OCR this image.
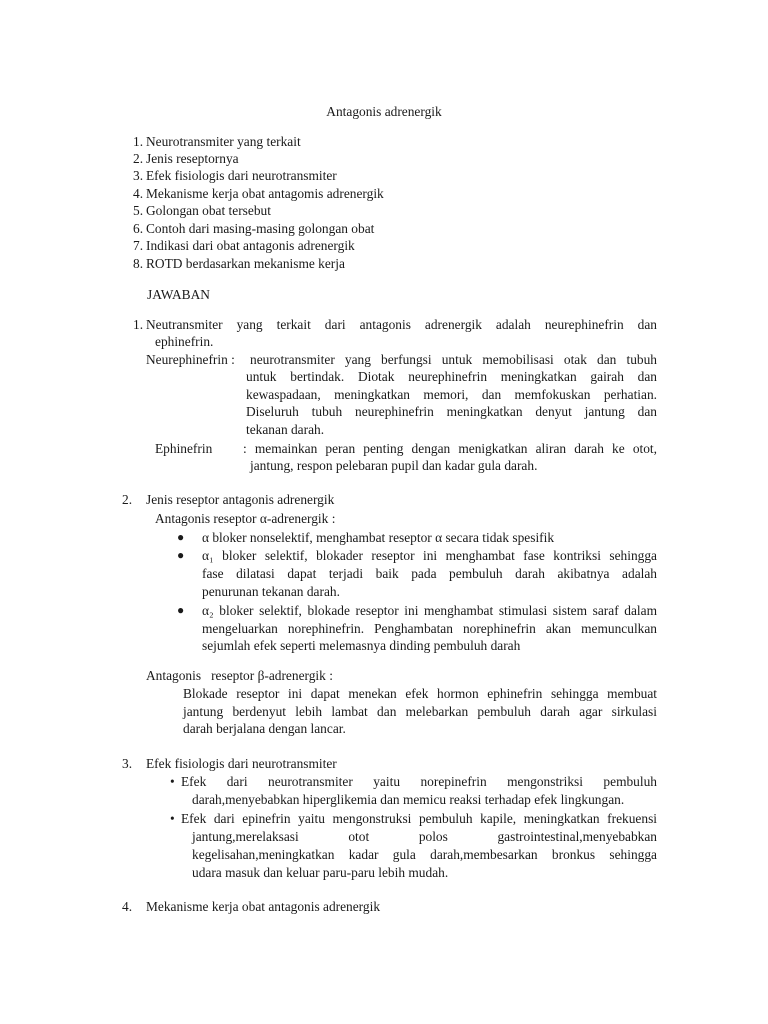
Antagonis adrenergik
1. Neurotransmiter yang terkait
2. Jenis reseptornya
3. Efek fisiologis dari neurotransmiter
4. Mekanisme kerja obat antagomis adrenergik
5. Golongan obat tersebut
6. Contoh dari masing-masing golongan obat
7. Indikasi dari obat antagonis adrenergik
8. ROTD berdasarkan mekanisme kerja
JAWABAN
1. Neutransmiter yang terkait dari antagonis adrenergik adalah neurephinefrin dan
ephinefrin.
Neurephinefrin : neurotransmiter yang berfungsi untuk memobilisasi otak dan tubuh
untuk bertindak. Diotak neurephinefrin meningkatkan gairah dan
kewaspadaan, meningkatkan memori, dan memfokuskan perhatian.
Diseluruh tubuh neurephinefrin meningkatkan denyut jantung dan
tekanan darah.
Ephinefrin : memainkan peran penting dengan menigkatkan aliran darah ke otot,
jantung, respon pelebaran pupil dan kadar gula darah.
2. Jenis reseptor antagonis adrenergik
Antagonis reseptor α-adrenergik :
● α bloker nonselektif, menghambat reseptor α secara tidak spesifik
● α₁ bloker selektif, blokader reseptor ini menghambat fase kontriksi sehingga
fase dilatasi dapat terjadi baik pada pembuluh darah akibatnya adalah
penurunan tekanan darah.
● α₂ bloker selektif, blokade reseptor ini menghambat stimulasi sistem saraf dalam
mengeluarkan norephinefrin. Penghambatan norephinefrin akan memunculkan
sejumlah efek seperti melemasnya dinding pembuluh darah
Antagonis   reseptor β-adrenergik :
Blokade reseptor ini dapat menekan efek hormon ephinefrin sehingga membuat
jantung berdenyut lebih lambat dan melebarkan pembuluh darah agar sirkulasi
darah berjalana dengan lancar.
3. Efek fisiologis dari neurotransmiter
• Efek dari neurotransmiter yaitu norepinefrin mengonstriksi pembuluh
darah,menyebabkan hiperglikemia dan memicu reaksi terhadap efek lingkungan.
• Efek dari epinefrin yaitu mengonstruksi pembuluh kapile, meningkatkan frekuensi
jantung,merelaksasi otot polos gastrointestinal,menyebabkan
kegelisahan,meningkatkan kadar gula darah,membesarkan bronkus sehingga
udara masuk dan keluar paru-paru lebih mudah.
4. Mekanisme kerja obat antagonis adrenergik
